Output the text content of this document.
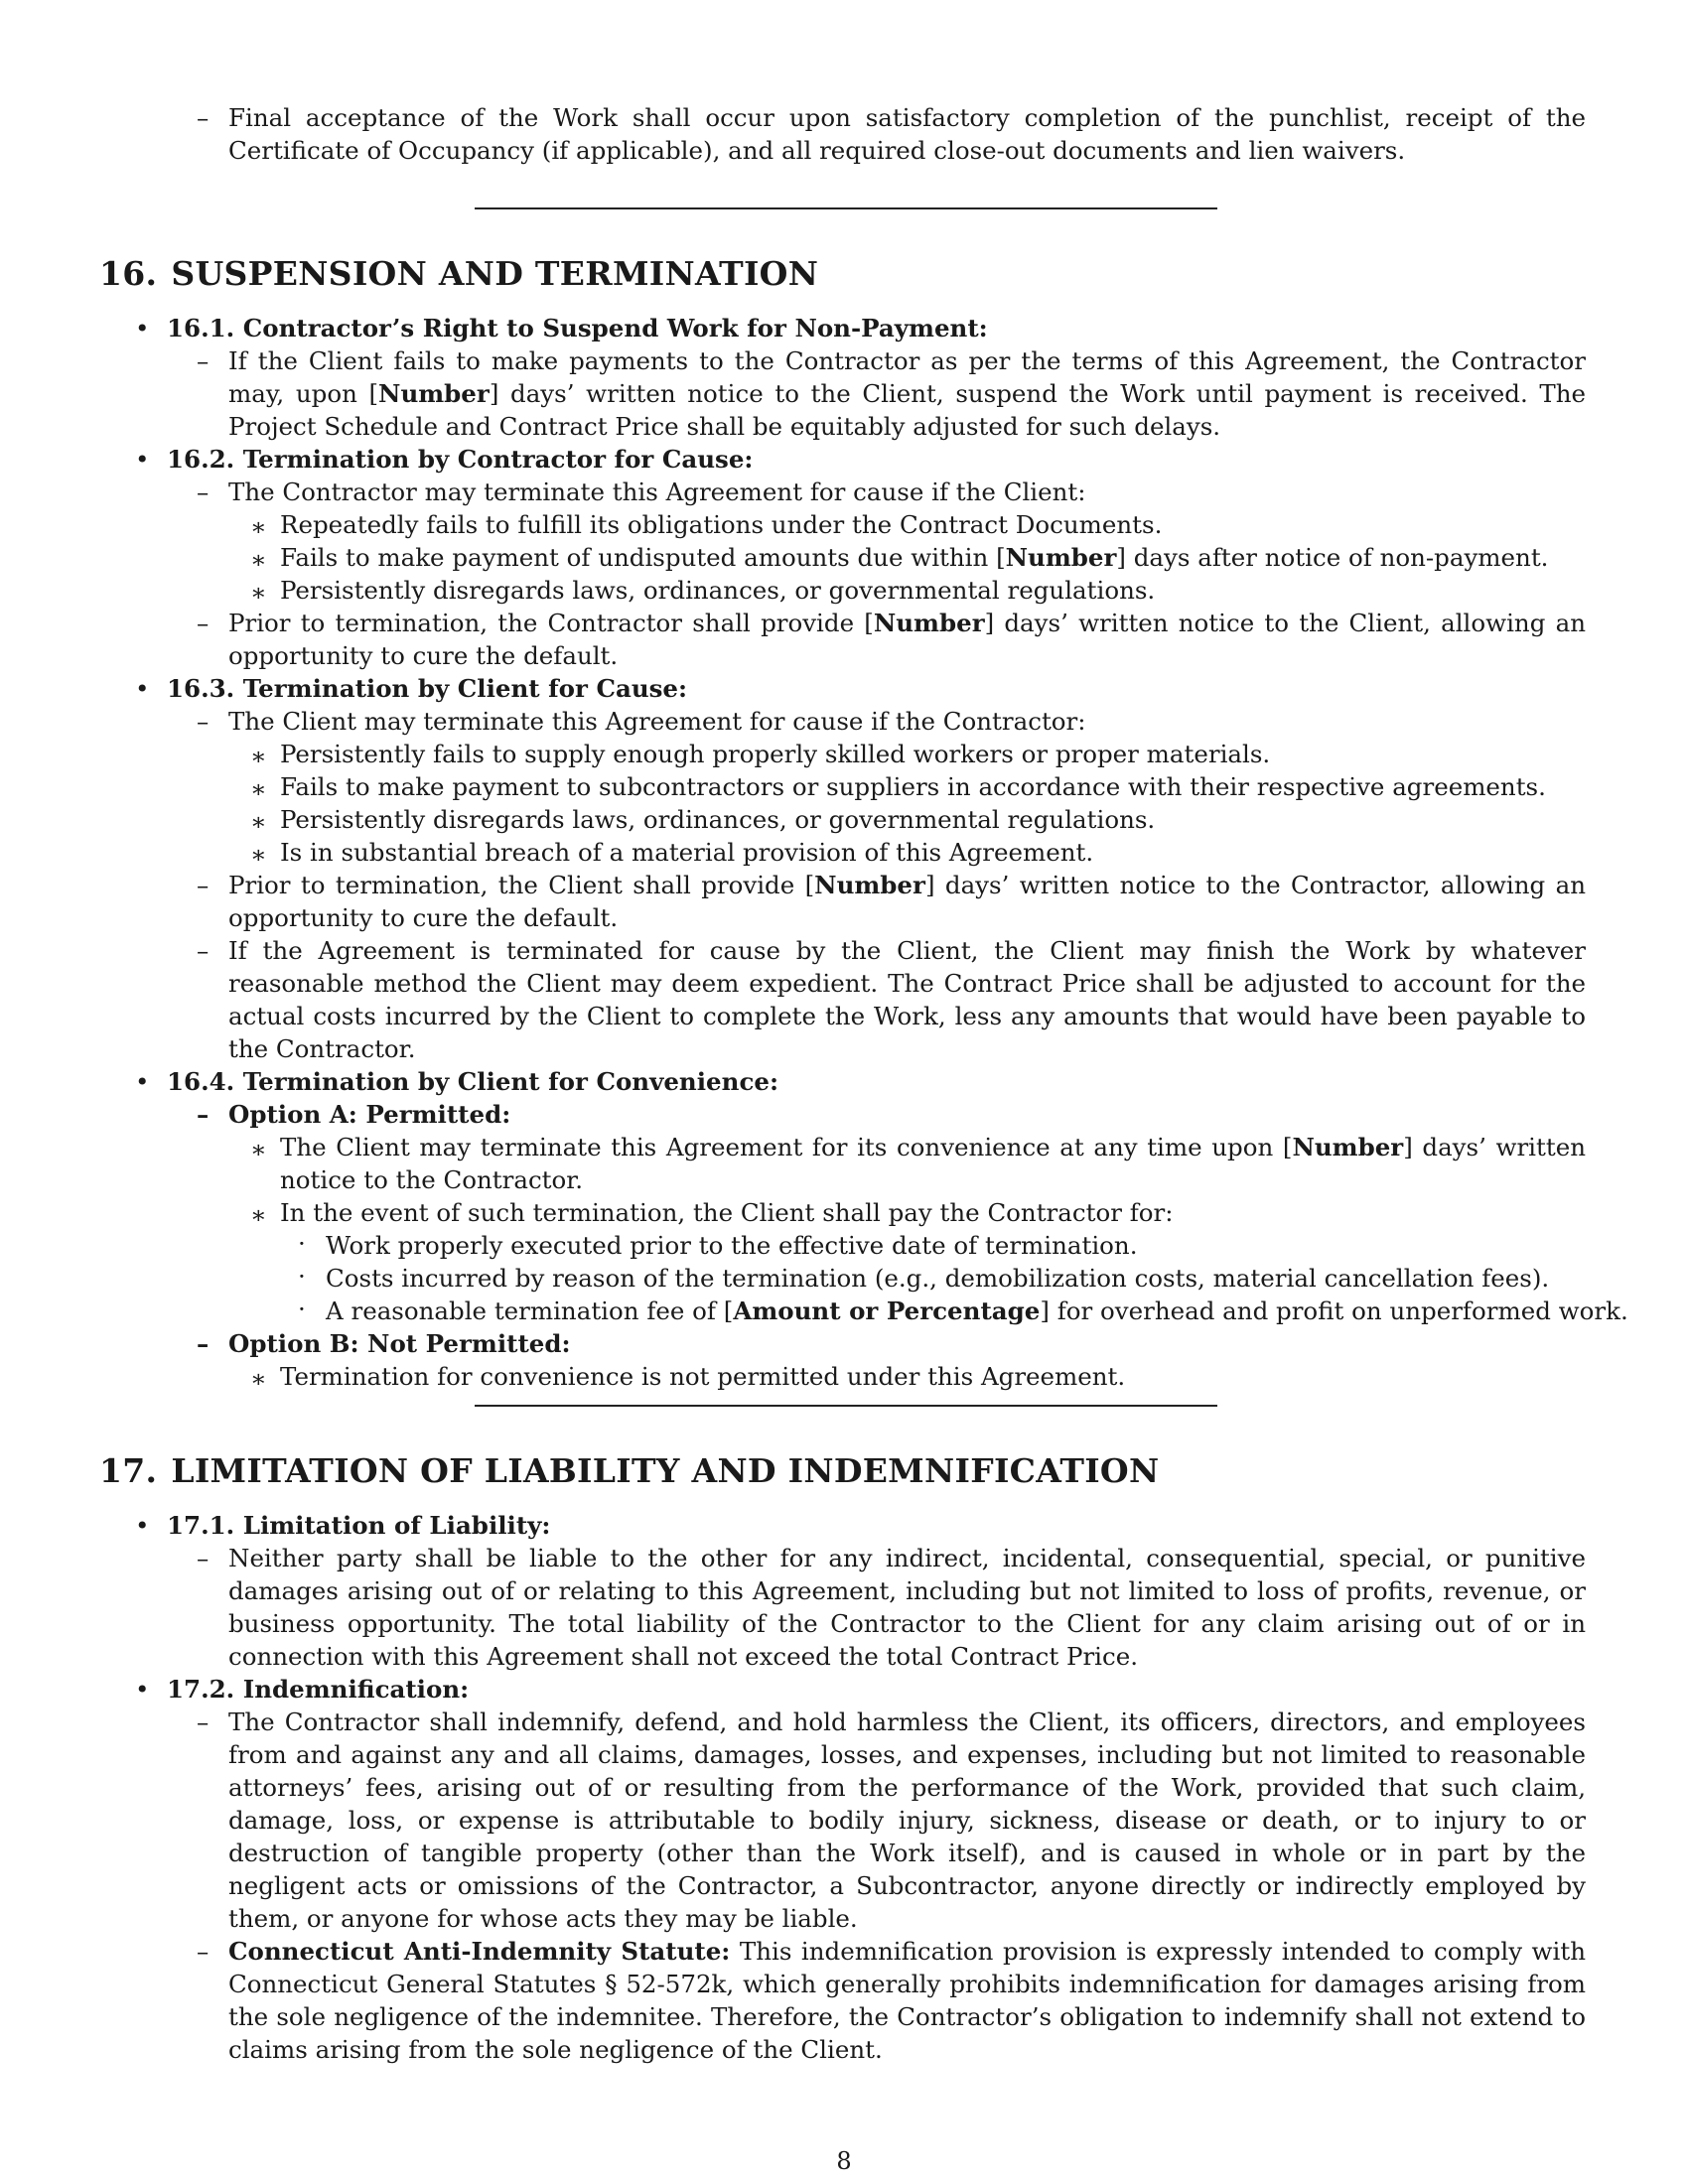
– Final acceptance of the Work shall occur upon satisfactory completion of the punchlist, receipt of the Certificate of Occupancy (if applicable), and all required close-out documents and lien waivers.
16. SUSPENSION AND TERMINATION
• 16.1. Contractor’s Right to Suspend Work for Non-Payment:
– If the Client fails to make payments to the Contractor as per the terms of this Agreement, the Contractor may, upon [Number] days’ written notice to the Client, suspend the Work until payment is received. The Project Schedule and Contract Price shall be equitably adjusted for such delays.
• 16.2. Termination by Contractor for Cause:
– The Contractor may terminate this Agreement for cause if the Client:
∗ Repeatedly fails to fulfill its obligations under the Contract Documents.
∗ Fails to make payment of undisputed amounts due within [Number] days after notice of non-payment.
∗ Persistently disregards laws, ordinances, or governmental regulations.
– Prior to termination, the Contractor shall provide [Number] days’ written notice to the Client, allowing an opportunity to cure the default.
• 16.3. Termination by Client for Cause:
– The Client may terminate this Agreement for cause if the Contractor:
∗ Persistently fails to supply enough properly skilled workers or proper materials.
∗ Fails to make payment to subcontractors or suppliers in accordance with their respective agreements.
∗ Persistently disregards laws, ordinances, or governmental regulations.
∗ Is in substantial breach of a material provision of this Agreement.
– Prior to termination, the Client shall provide [Number] days’ written notice to the Contractor, allowing an opportunity to cure the default.
– If the Agreement is terminated for cause by the Client, the Client may finish the Work by whatever reasonable method the Client may deem expedient. The Contract Price shall be adjusted to account for the actual costs incurred by the Client to complete the Work, less any amounts that would have been payable to the Contractor.
• 16.4. Termination by Client for Convenience:
– Option A: Permitted:
∗ The Client may terminate this Agreement for its convenience at any time upon [Number] days’ written notice to the Contractor.
∗ In the event of such termination, the Client shall pay the Contractor for:
· Work properly executed prior to the effective date of termination.
· Costs incurred by reason of the termination (e.g., demobilization costs, material cancellation fees).
· A reasonable termination fee of [Amount or Percentage] for overhead and profit on unperformed work.
– Option B: Not Permitted:
∗ Termination for convenience is not permitted under this Agreement.
17. LIMITATION OF LIABILITY AND INDEMNIFICATION
• 17.1. Limitation of Liability:
– Neither party shall be liable to the other for any indirect, incidental, consequential, special, or punitive damages arising out of or relating to this Agreement, including but not limited to loss of profits, revenue, or business opportunity. The total liability of the Contractor to the Client for any claim arising out of or in connection with this Agreement shall not exceed the total Contract Price.
• 17.2. Indemnification:
– The Contractor shall indemnify, defend, and hold harmless the Client, its officers, directors, and employees from and against any and all claims, damages, losses, and expenses, including but not limited to reasonable attorneys’ fees, arising out of or resulting from the performance of the Work, provided that such claim, damage, loss, or expense is attributable to bodily injury, sickness, disease or death, or to injury to or destruction of tangible property (other than the Work itself), and is caused in whole or in part by the negligent acts or omissions of the Contractor, a Subcontractor, anyone directly or indirectly employed by them, or anyone for whose acts they may be liable.
– Connecticut Anti-Indemnity Statute: This indemnification provision is expressly intended to comply with Connecticut General Statutes § 52-572k, which generally prohibits indemnification for damages arising from the sole negligence of the indemnitee. Therefore, the Contractor’s obligation to indemnify shall not extend to claims arising from the sole negligence of the Client.
8
